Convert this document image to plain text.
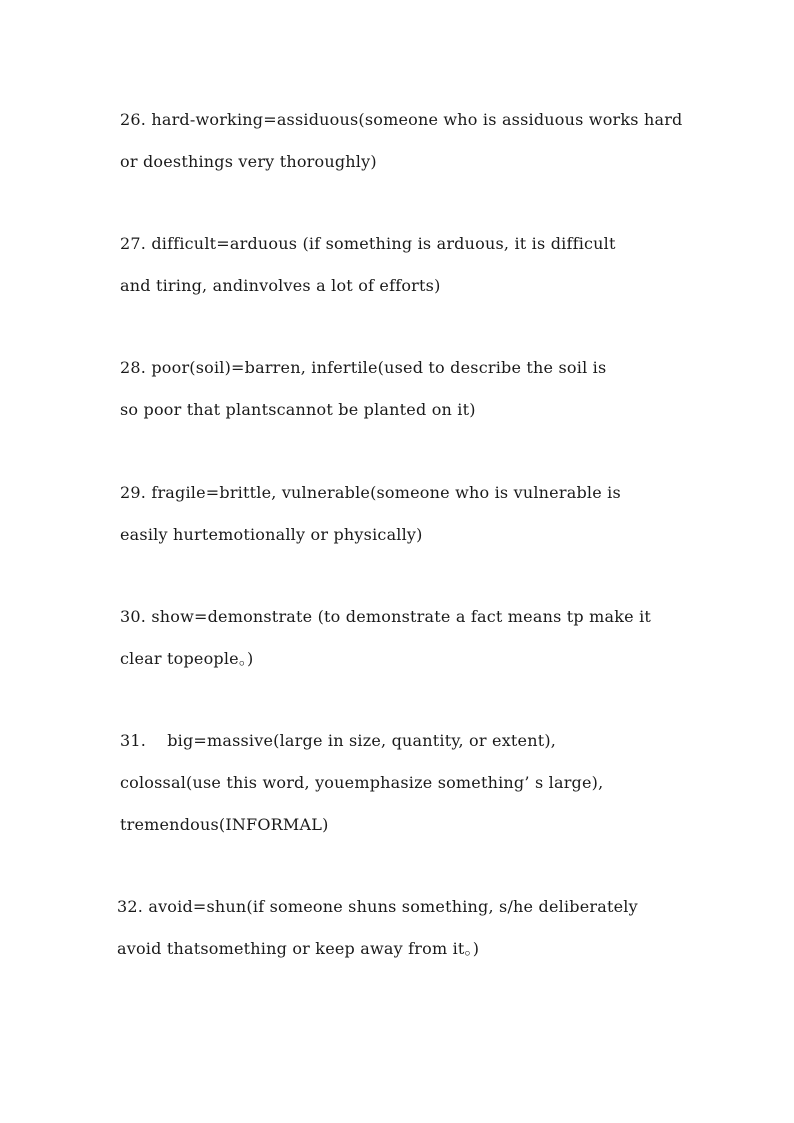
26. hard-working=assiduous(someone who is assiduous works hard
or doesthings very thoroughly)
27. difficult=arduous (if something is arduous, it is difficult
and tiring, andinvolves a lot of efforts)
28. poor(soil)=barren, infertile(used to describe the soil is
so poor that plantscannot be planted on it)
29. fragile=brittle, vulnerable(someone who is vulnerable is
easily hurtemotionally or physically)
30. show=demonstrate (to demonstrate a fact means tp make it
clear topeople。)
31.    big=massive(large in size, quantity, or extent),
colossal(use this word, youemphasize something’ s large),
tremendous(INFORMAL)
32. avoid=shun(if someone shuns something, s/he deliberately
avoid thatsomething or keep away from it。)
